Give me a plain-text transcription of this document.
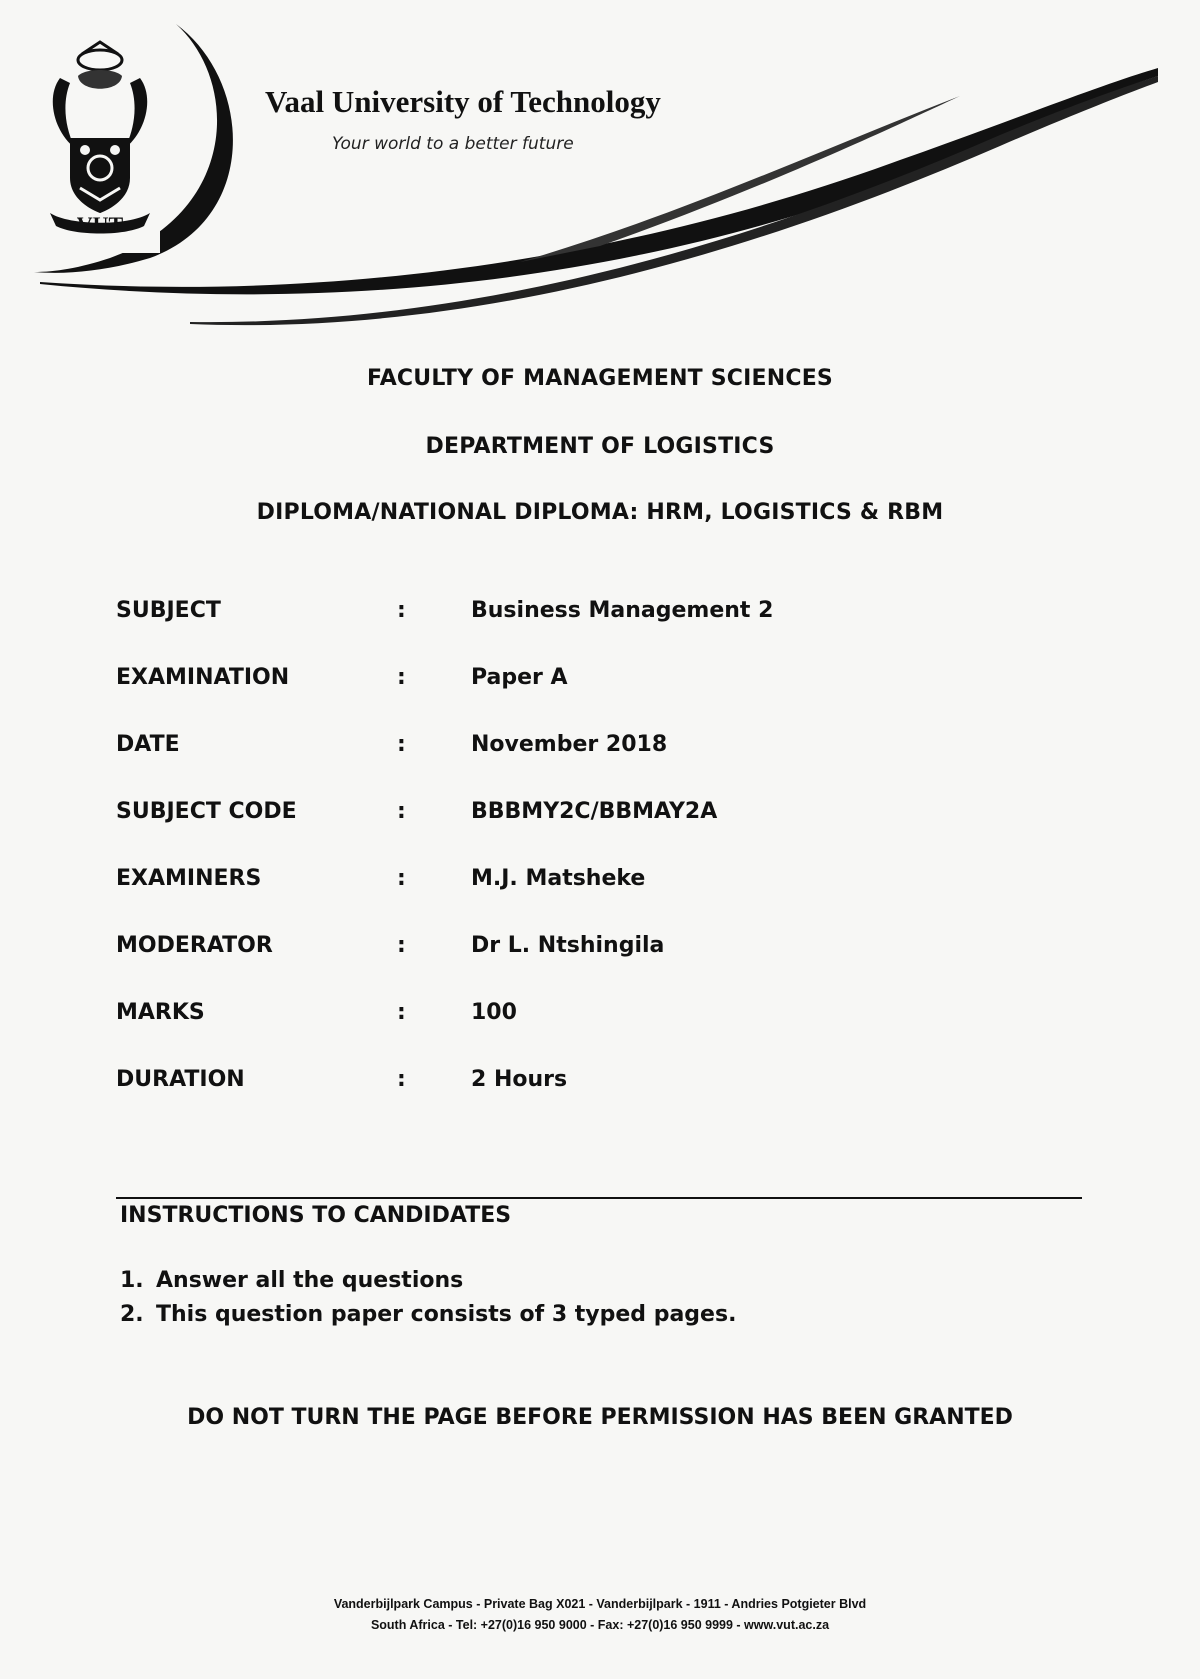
VUT
Vaal University of Technology
Your world to a better future
FACULTY OF MANAGEMENT SCIENCES
DEPARTMENT OF LOGISTICS
DIPLOMA/NATIONAL DIPLOMA: HRM, LOGISTICS & RBM
SUBJECT	:	Business Management 2
EXAMINATION	:	Paper A
DATE	:	November 2018
SUBJECT CODE	:	BBBMY2C/BBMAY2A
EXAMINERS	:	M.J. Matsheke
MODERATOR	:	Dr L. Ntshingila
MARKS	:	100
DURATION	:	2 Hours
INSTRUCTIONS TO CANDIDATES
1. Answer all the questions
2. This question paper consists of 3 typed pages.
DO NOT TURN THE PAGE BEFORE PERMISSION HAS BEEN GRANTED
Vanderbijlpark Campus - Private Bag X021 - Vanderbijlpark - 1911 - Andries Potgieter Blvd
South Africa - Tel: +27(0)16 950 9000 - Fax: +27(0)16 950 9999 - www.vut.ac.za
